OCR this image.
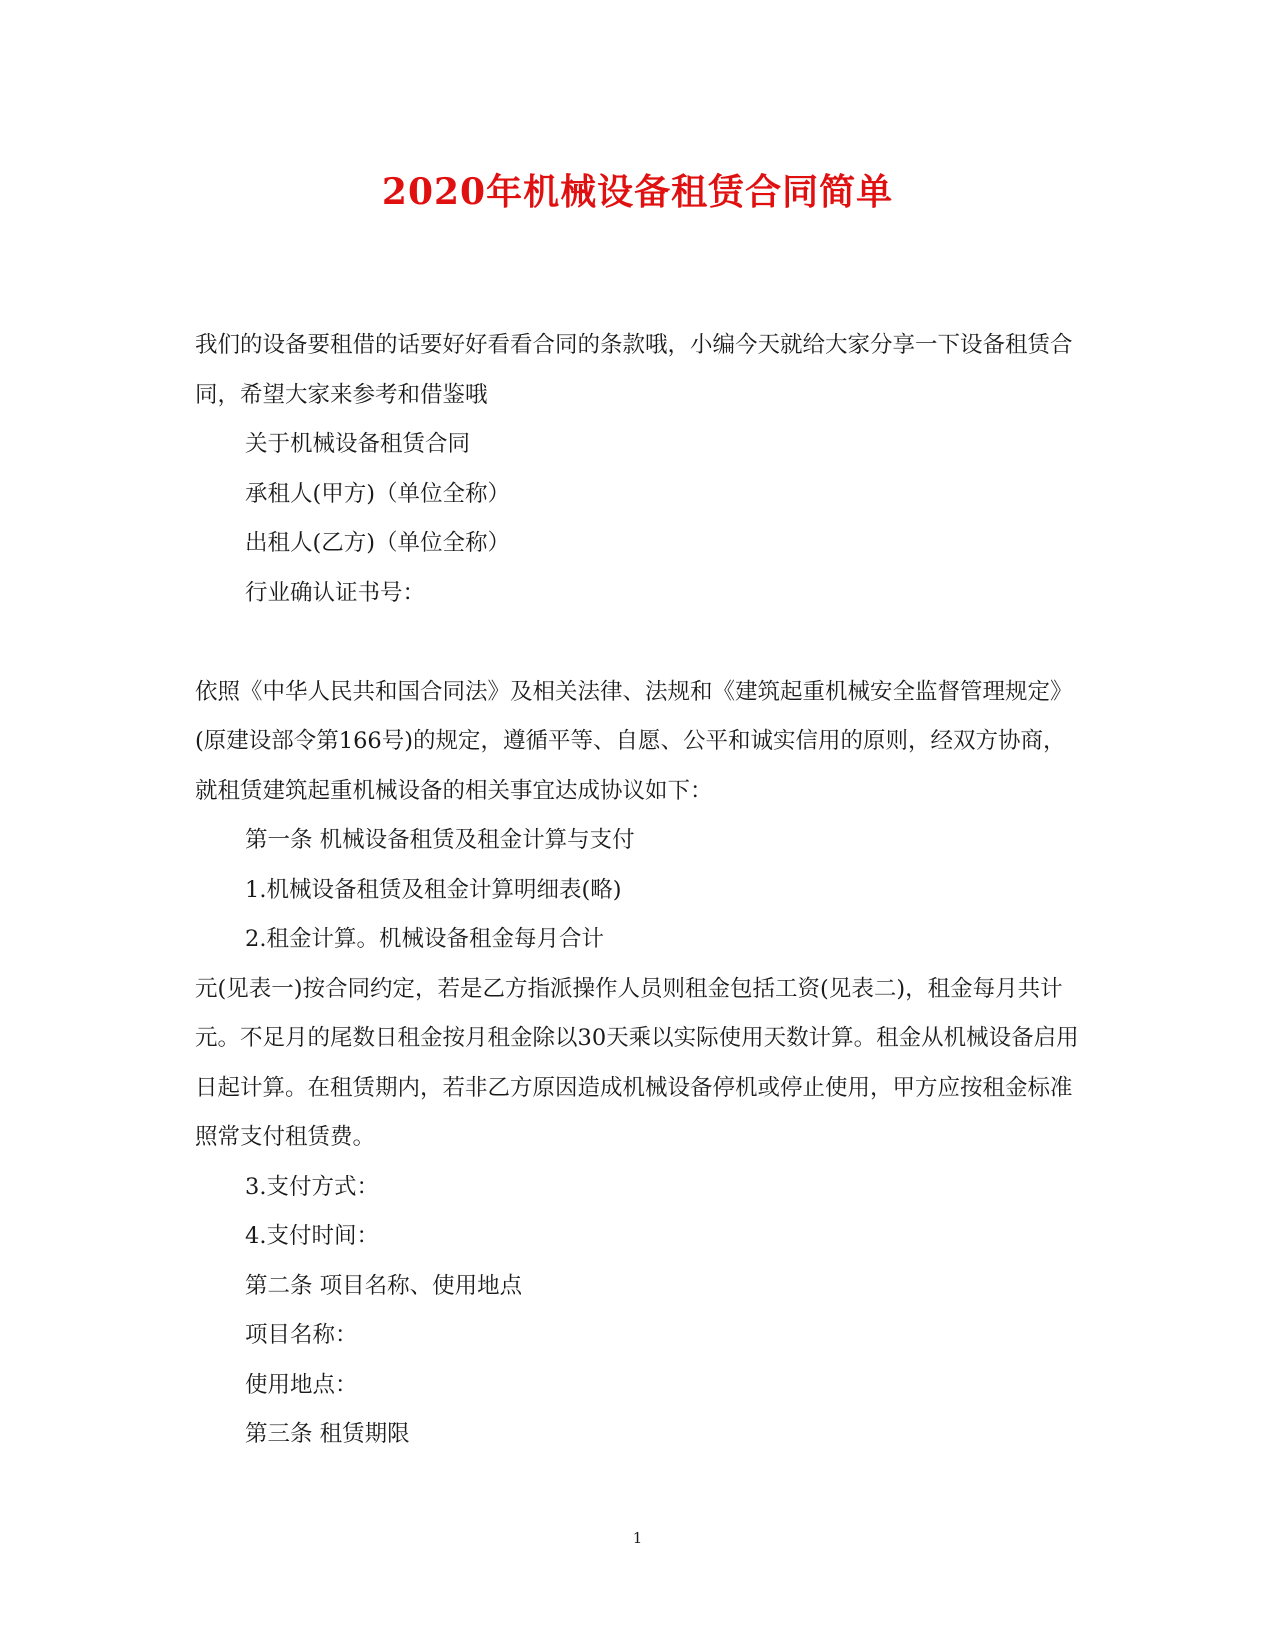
2020年机械设备租赁合同简单

我们的设备要租借的话要好好看看合同的条款哦，小编今天就给大家分享一下设备租赁合同，希望大家来参考和借鉴哦

关于机械设备租赁合同

承租人(甲方)（单位全称）

出租人(乙方)（单位全称）

行业确认证书号：

依照《中华人民共和国合同法》及相关法律、法规和《建筑起重机械安全监督管理规定》(原建设部令第166号)的规定，遵循平等、自愿、公平和诚实信用的原则，经双方协商，就租赁建筑起重机械设备的相关事宜达成协议如下：

第一条 机械设备租赁及租金计算与支付

1.机械设备租赁及租金计算明细表(略)

2.租金计算。机械设备租金每月合计

元(见表一)按合同约定，若是乙方指派操作人员则租金包括工资(见表二)，租金每月共计

元。不足月的尾数日租金按月租金除以30天乘以实际使用天数计算。租金从机械设备启用日起计算。在租赁期内，若非乙方原因造成机械设备停机或停止使用，甲方应按租金标准照常支付租赁费。

3.支付方式：

4.支付时间：

第二条 项目名称、使用地点

项目名称：

使用地点：

第三条 租赁期限

1
